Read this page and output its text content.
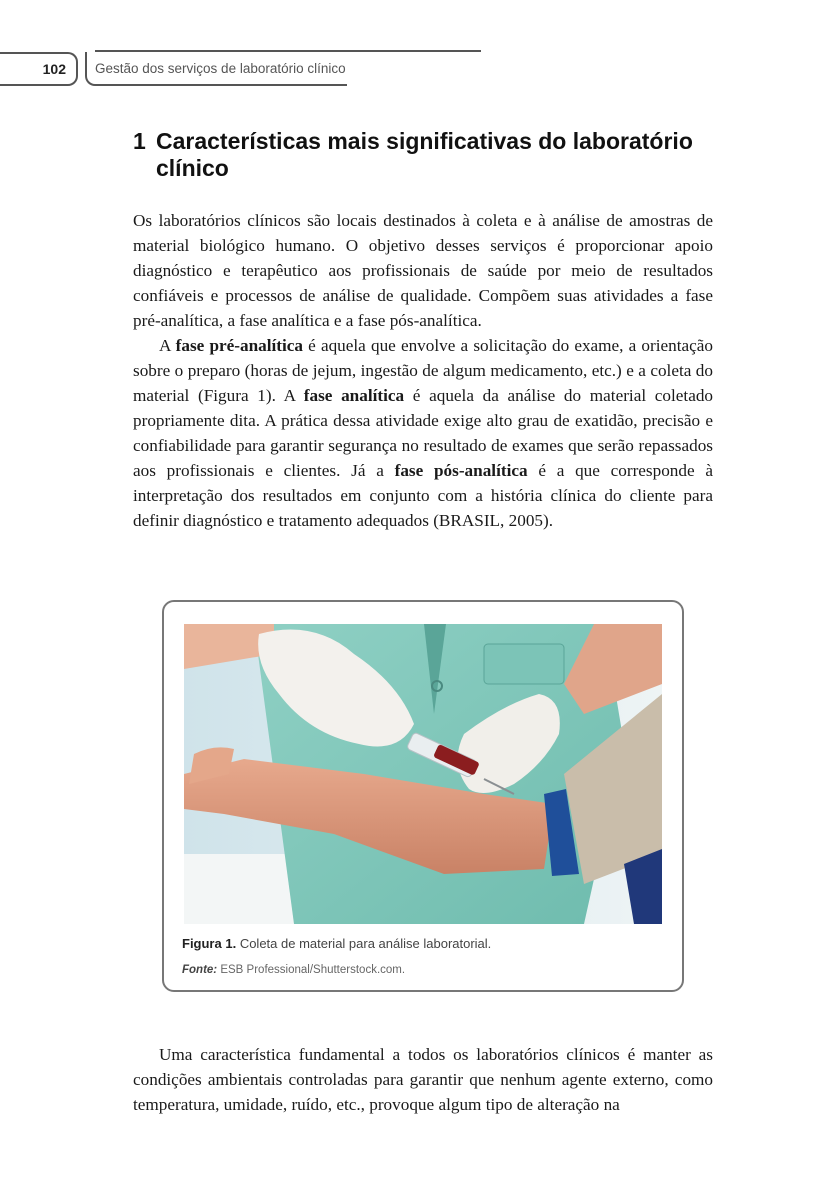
102	Gestão dos serviços de laboratório clínico
1 Características mais significativas do laboratório clínico

Os laboratórios clínicos são locais destinados à coleta e à análise de amostras de material biológico humano. O objetivo desses serviços é proporcionar apoio diagnóstico e terapêutico aos profissionais de saúde por meio de resultados confiáveis e processos de análise de qualidade. Compõem suas atividades a fase pré-analítica, a fase analítica e a fase pós-analítica.

A fase pré-analítica é aquela que envolve a solicitação do exame, a orientação sobre o preparo (horas de jejum, ingestão de algum medicamento, etc.) e a coleta do material (Figura 1). A fase analítica é aquela da análise do material coletado propriamente dita. A prática dessa atividade exige alto grau de exatidão, precisão e confiabilidade para garantir segurança no resultado de exames que serão repassados aos profissionais e clientes. Já a fase pós-analítica é a que corresponde à interpretação dos resultados em conjunto com a história clínica do cliente para definir diagnóstico e tratamento adequados (BRASIL, 2005).

Figura 1. Coleta de material para análise laboratorial.
Fonte: ESB Professional/Shutterstock.com.

Uma característica fundamental a todos os laboratórios clínicos é manter as condições ambientais controladas para garantir que nenhum agente externo, como temperatura, umidade, ruído, etc., provoque algum tipo de alteração na
